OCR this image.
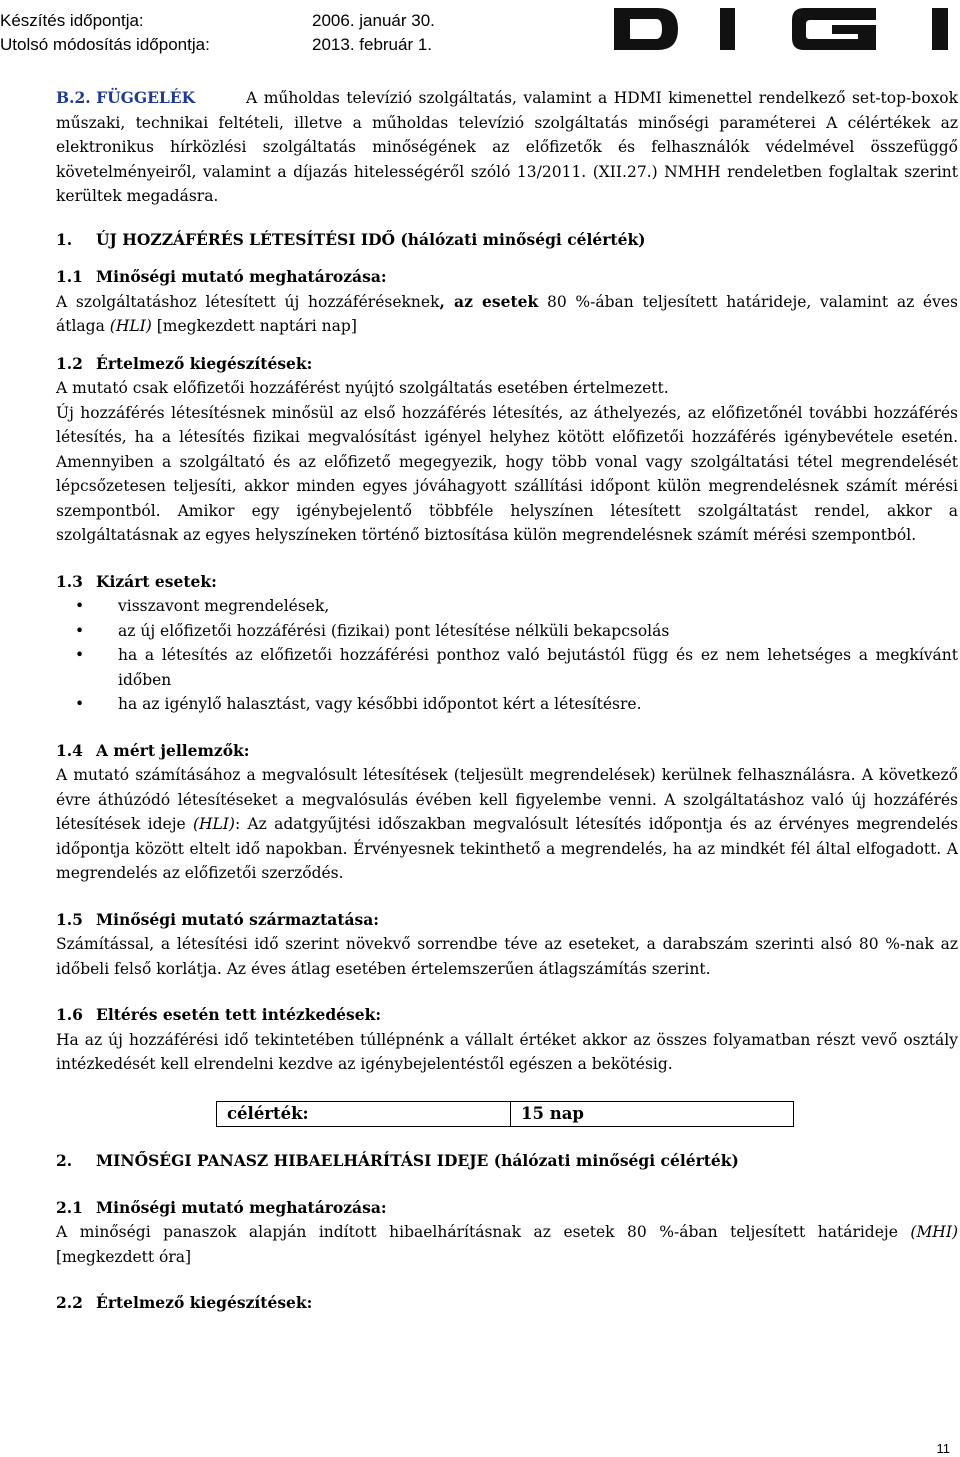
Készítés időpontja:	2006. január 30.
Utolsó módosítás időpontja:	2013. február 1.

B.2. FÜGGELÉK	A műholdas televízió szolgáltatás, valamint a HDMI kimenettel rendelkező set-top-boxok műszaki, technikai feltételi, illetve a műholdas televízió szolgáltatás minőségi paraméterei A célértékek az elektronikus hírközlési szolgáltatás minőségének az előfizetők és felhasználók védelmével összefüggő követelményeiről, valamint a díjazás hitelességéről szóló 13/2011. (XII.27.) NMHH rendeletben foglaltak szerint kerültek megadásra.

1. ÚJ HOZZÁFÉRÉS LÉTESÍTÉSI IDŐ (hálózati minőségi célérték)

1.1 Minőségi mutató meghatározása:

A szolgáltatáshoz létesített új hozzáféréseknek, az esetek 80 %-ában teljesített határideje, valamint az éves átlaga (HLI) [megkezdett naptári nap]

1.2 Értelmező kiegészítések:

A mutató csak előfizetői hozzáférést nyújtó szolgáltatás esetében értelmezett.

Új hozzáférés létesítésnek minősül az első hozzáférés létesítés, az áthelyezés, az előfizetőnél további hozzáférés létesítés, ha a létesítés fizikai megvalósítást igényel helyhez kötött előfizetői hozzáférés igénybevétele esetén. Amennyiben a szolgáltató és az előfizető megegyezik, hogy több vonal vagy szolgáltatási tétel megrendelését lépcsőzetesen teljesíti, akkor minden egyes jóváhagyott szállítási időpont külön megrendelésnek számít mérési szempontból. Amikor egy igénybejelentő többféle helyszínen létesített szolgáltatást rendel, akkor a szolgáltatásnak az egyes helyszíneken történő biztosítása külön megrendelésnek számít mérési szempontból.

1.3 Kizárt esetek:

• visszavont megrendelések,
• az új előfizetői hozzáférési (fizikai) pont létesítése nélküli bekapcsolás
• ha a létesítés az előfizetői hozzáférési ponthoz való bejutástól függ és ez nem lehetséges a megkívánt időben
• ha az igénylő halasztást, vagy későbbi időpontot kért a létesítésre.

1.4 A mért jellemzők:

A mutató számításához a megvalósult létesítések (teljesült megrendelések) kerülnek felhasználásra. A következő évre áthúzódó létesítéseket a megvalósulás évében kell figyelembe venni. A szolgáltatáshoz való új hozzáférés létesítések ideje (HLI): Az adatgyűjtési időszakban megvalósult létesítés időpontja és az érvényes megrendelés időpontja között eltelt idő napokban. Érvényesnek tekinthető a megrendelés, ha az mindkét fél által elfogadott. A megrendelés az előfizetői szerződés.

1.5 Minőségi mutató származtatása:

Számítással, a létesítési idő szerint növekvő sorrendbe téve az eseteket, a darabszám szerinti alsó 80 %-nak az időbeli felső korlátja. Az éves átlag esetében értelemszerűen átlagszámítás szerint.

1.6 Eltérés esetén tett intézkedések:

Ha az új hozzáférési idő tekintetében túllépnénk a vállalt értéket akkor az összes folyamatban részt vevő osztály intézkedését kell elrendelni kezdve az igénybejelentéstől egészen a bekötésig.

célérték:	15 nap

2. MINŐSÉGI PANASZ HIBAELHÁRÍTÁSI IDEJE (hálózati minőségi célérték)

2.1 Minőségi mutató meghatározása:

A minőségi panaszok alapján indított hibaelhárításnak az esetek 80 %-ában teljesített határideje (MHI)[megkezdett óra]

2.2 Értelmező kiegészítések:

11
